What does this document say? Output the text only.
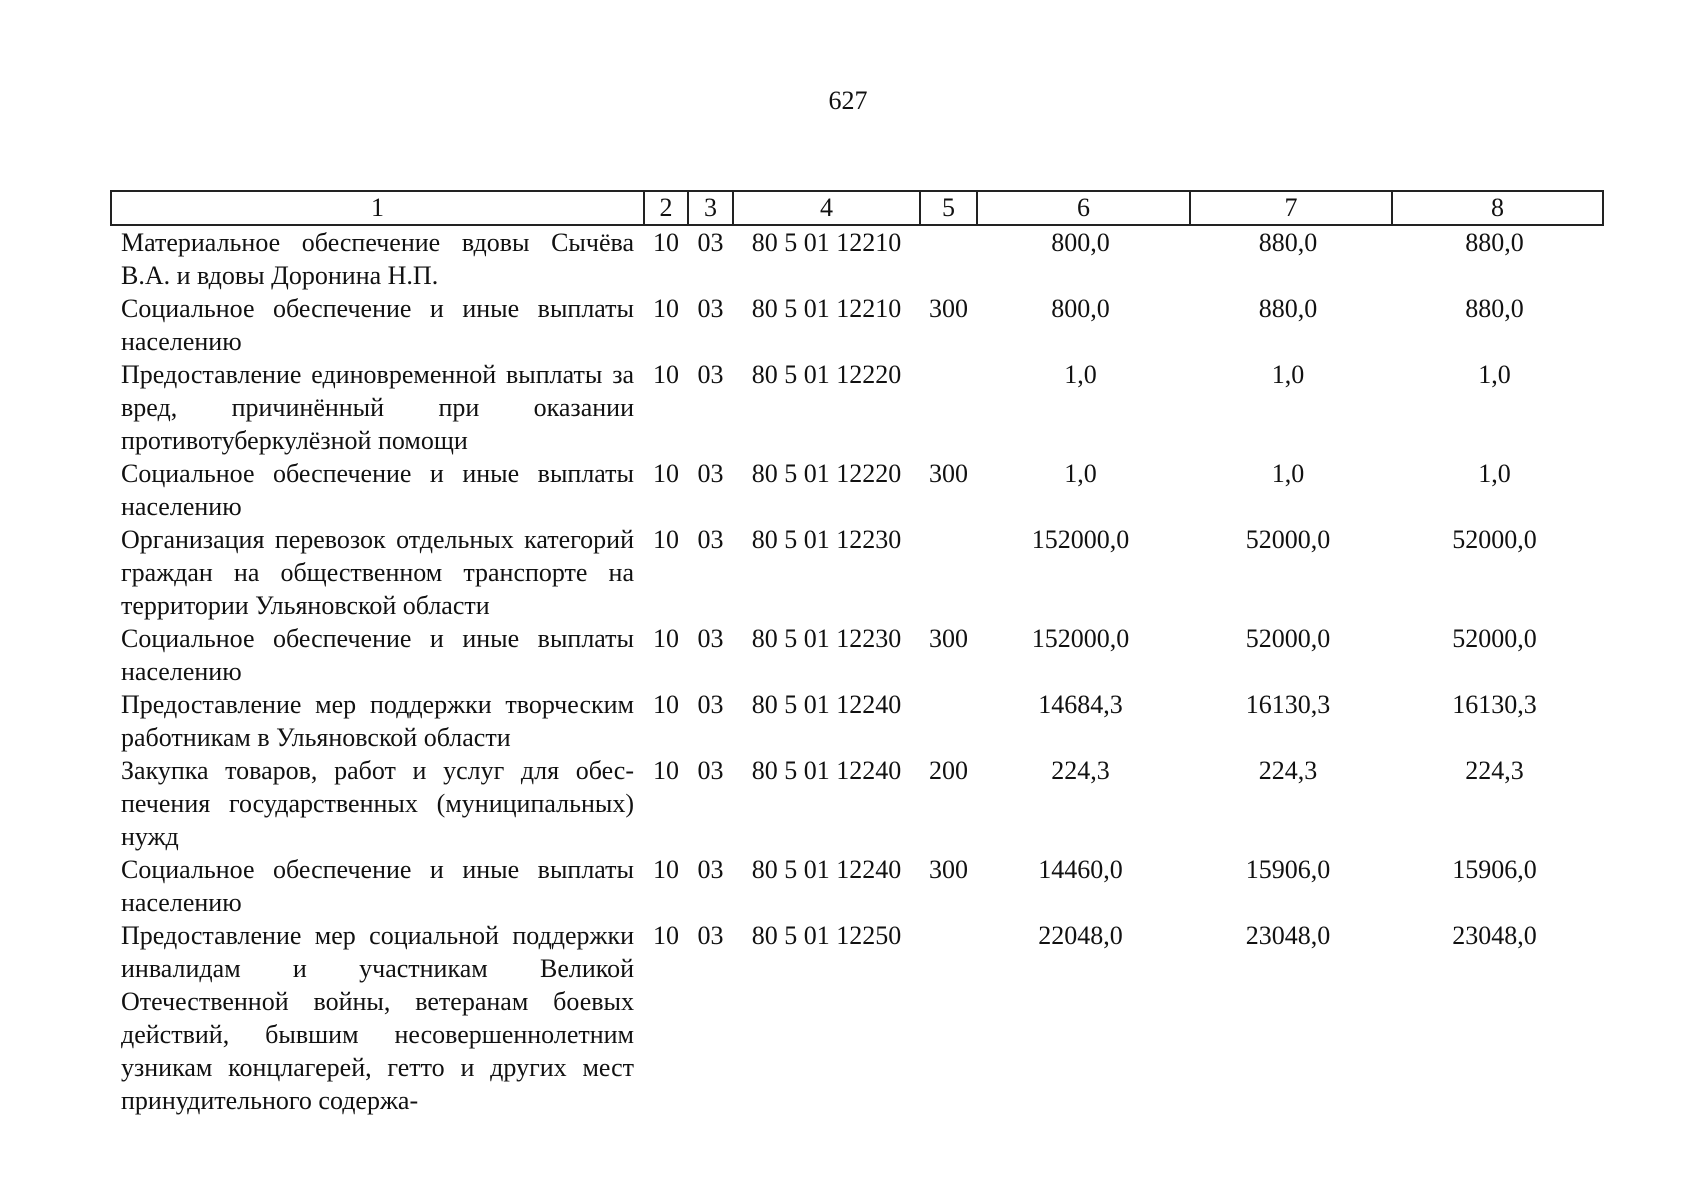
627
1	2	3	4	5	6	7	8
Материальное обеспечение вдовы Сычёва В.А. и вдовы Доронина Н.П.	10	03	80 5 01 12210		800,0	880,0	880,0
Социальное обеспечение и иные выплаты населению	10	03	80 5 01 12210	300	800,0	880,0	880,0
Предоставление единовременной выплаты за вред, причинённый при оказании противотуберкулёзной помощи	10	03	80 5 01 12220		1,0	1,0	1,0
Социальное обеспечение и иные выплаты населению	10	03	80 5 01 12220	300	1,0	1,0	1,0
Организация перевозок отдельных категорий граждан на общественном транспорте на территории Ульяновской области	10	03	80 5 01 12230		152000,0	52000,0	52000,0
Социальное обеспечение и иные выплаты населению	10	03	80 5 01 12230	300	152000,0	52000,0	52000,0
Предоставление мер поддержки творческим работникам в Ульяновской области	10	03	80 5 01 12240		14684,3	16130,3	16130,3
Закупка товаров, работ и услуг для обеспечения государственных (муниципальных) нужд	10	03	80 5 01 12240	200	224,3	224,3	224,3
Социальное обеспечение и иные выплаты населению	10	03	80 5 01 12240	300	14460,0	15906,0	15906,0
Предоставление мер социальной поддержки инвалидам и участникам Великой Отечественной войны, ветеранам боевых действий, бывшим несовершеннолетним узникам концлагерей, гетто и других мест принудительного содержа-	10	03	80 5 01 12250		22048,0	23048,0	23048,0
